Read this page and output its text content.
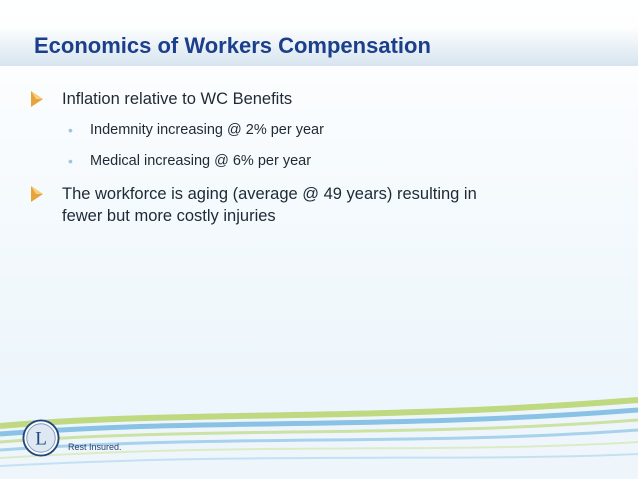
Economics of Workers Compensation
Inflation relative to WC Benefits
• Indemnity increasing @ 2% per year
• Medical increasing @ 6% per year
The workforce is aging (average @ 49 years) resulting in
fewer but more costly injuries
L Rest Insured.
